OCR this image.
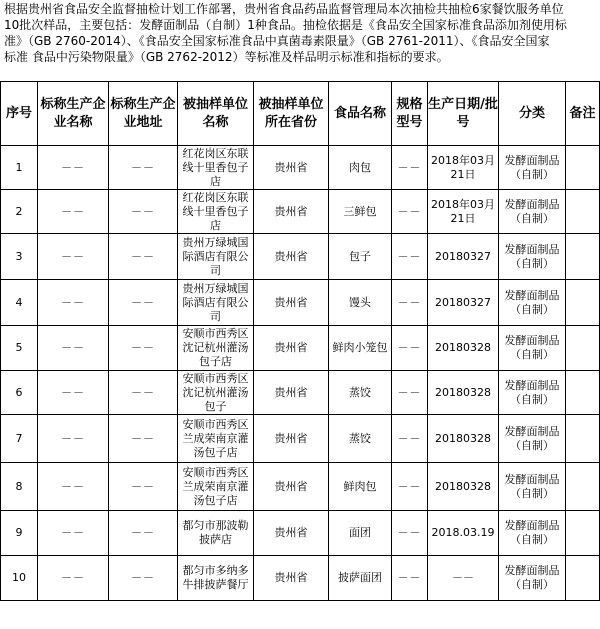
根据贵州省食品安全监督抽检计划工作部署，贵州省食品药品监督管理局本次抽检共抽检6家餐饮服务单位
10批次样品，主要包括：发酵面制品（自制）1种食品。抽检依据是《食品安全国家标准食品添加剂使用标
准》（GB 2760-2014）、《食品安全国家标准食品中真菌毒素限量》（GB 2761-2011）、《食品安全国家
标准 食品中污染物限量》（GB 2762-2012）等标准及样品明示标准和指标的要求。
序号	标称生产企业名称	标称生产企业地址	被抽样单位名称	被抽样单位所在省份	食品名称	规格型号	生产日期/批号	分类	备注
1	－－	－－	红花岗区东联线十里香包子店	贵州省	肉包	－－	2018年03月21日	发酵面制品（自制）	
2	－－	－－	红花岗区东联线十里香包子店	贵州省	三鲜包	－－	2018年03月21日	发酵面制品（自制）	
3	－－	－－	贵州万绿城国际酒店有限公司	贵州省	包子	－－	20180327	发酵面制品（自制）	
4	－－	－－	贵州万绿城国际酒店有限公司	贵州省	馒头	－－	20180327	发酵面制品（自制）	
5	－－	－－	安顺市西秀区沈记杭州灌汤包子店	贵州省	鲜肉小笼包	－－	20180328	发酵面制品（自制）	
6	－－	－－	安顺市西秀区沈记杭州灌汤包子	贵州省	蒸饺	－－	20180328	发酵面制品（自制）	
7	－－	－－	安顺市西秀区兰成荣南京灌汤包子店	贵州省	蒸饺	－－	20180328	发酵面制品（自制）	
8	－－	－－	安顺市西秀区兰成荣南京灌汤包子店	贵州省	鲜肉包	－－	20180328	发酵面制品（自制）	
9	－－	－－	都匀市那波勒披萨店	贵州省	面团	－－	2018.03.19	发酵面制品（自制）	
10	－－	－－	都匀市多纳多牛排披萨餐厅	贵州省	披萨面团	－－	－－	发酵面制品（自制）	
